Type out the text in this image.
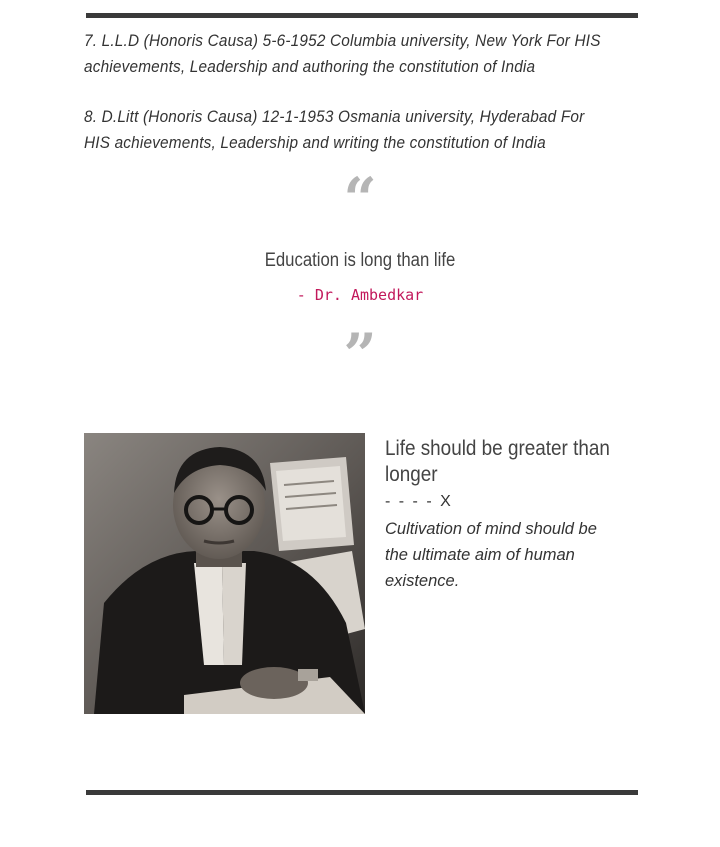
7. L.L.D (Honoris Causa) 5-6-1952 Columbia university, New York For HIS achievements, Leadership and authoring the constitution of India
8. D.Litt (Honoris Causa) 12-1-1953 Osmania university, Hyderabad For HIS achievements, Leadership and writing the constitution of India
“
Education is long than life
- Dr. Ambedkar
”
Life should be greater than longer
- - - - X
Cultivation of mind should be the ultimate aim of human existence.
